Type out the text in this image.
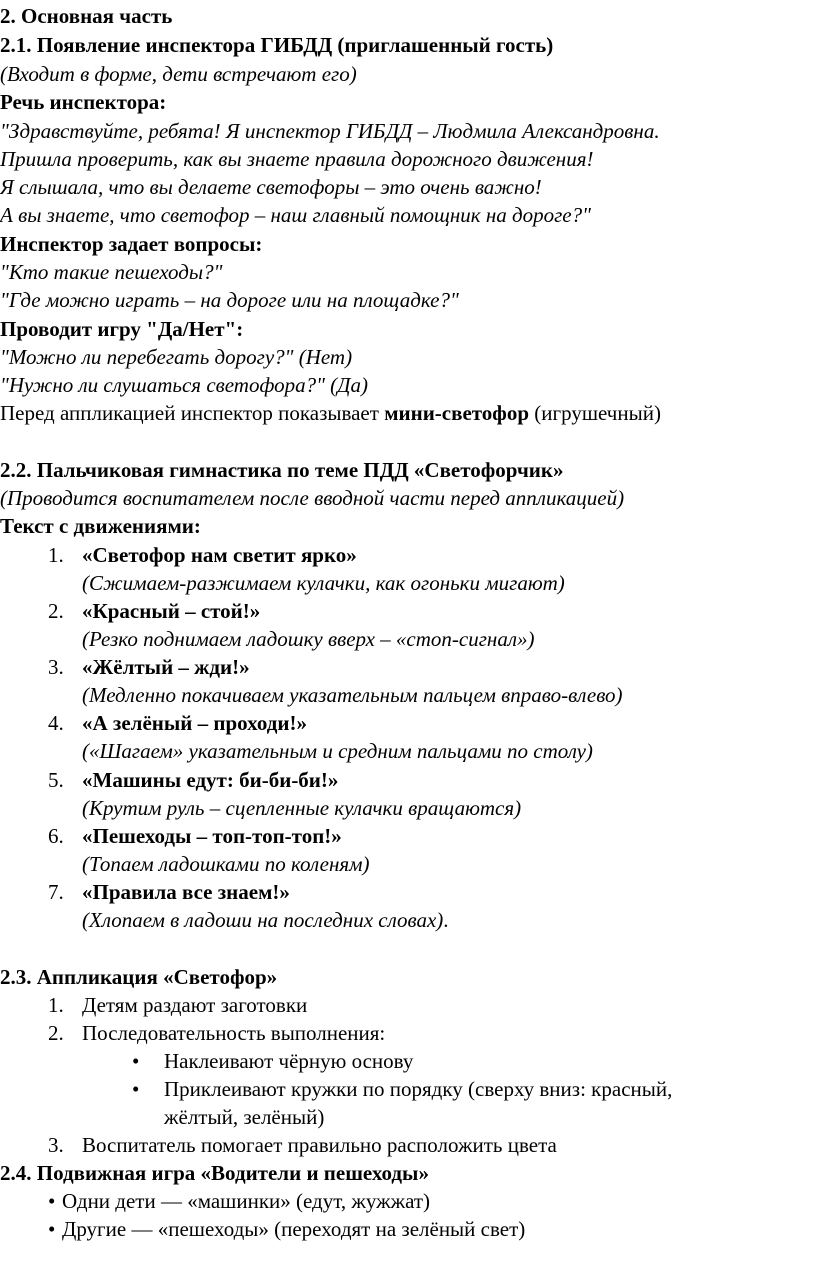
2. Основная часть
2.1. Появление инспектора ГИБДД (приглашенный гость)
(Входит в форме, дети встречают его)
Речь инспектора:
"Здравствуйте, ребята! Я инспектор ГИБДД – Людмила Александровна.
Пришла проверить, как вы знаете правила дорожного движения!
Я слышала, что вы делаете светофоры – это очень важно!
А вы знаете, что светофор – наш главный помощник на дороге?"
Инспектор задает вопросы:
"Кто такие пешеходы?"
"Где можно играть – на дороге или на площадке?"
Проводит игру "Да/Нет":
"Можно ли перебегать дорогу?" (Нет)
"Нужно ли слушаться светофора?" (Да)
Перед аппликацией инспектор показывает мини-светофор (игрушечный)
2.2. Пальчиковая гимнастика по теме ПДД «Светофорчик»
(Проводится воспитателем после вводной части перед аппликацией)
Текст с движениями:
1. «Светофор нам светит ярко»
(Сжимаем-разжимаем кулачки, как огоньки мигают)
2. «Красный – стой!»
(Резко поднимаем ладошку вверх – «стоп-сигнал»)
3. «Жёлтый – жди!»
(Медленно покачиваем указательным пальцем вправо-влево)
4. «А зелёный – проходи!»
(«Шагаем» указательным и средним пальцами по столу)
5. «Машины едут: би-би-би!»
(Крутим руль – сцепленные кулачки вращаются)
6. «Пешеходы – топ-топ-топ!»
(Топаем ладошками по коленям)
7. «Правила все знаем!»
(Хлопаем в ладоши на последних словах).
2.3. Аппликация «Светофор»
1. Детям раздают заготовки
2. Последовательность выполнения:
• Наклеивают чёрную основу
• Приклеивают кружки по порядку (сверху вниз: красный,
жёлтый, зелёный)
3. Воспитатель помогает правильно расположить цвета
2.4. Подвижная игра «Водители и пешеходы»
• Одни дети — «машинки» (едут, жужжат)
• Другие — «пешеходы» (переходят на зелёный свет)
